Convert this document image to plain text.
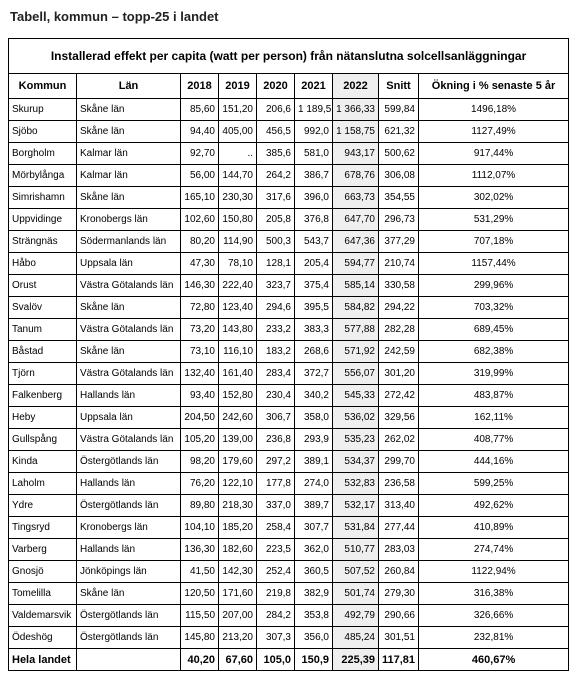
Tabell, kommun – topp-25 i landet
Installerad effekt per capita (watt per person) från nätanslutna solcellsanläggningar								
Kommun	Län	2018	2019	2020	2021	2022	Snitt	Ökning i % senaste 5 år
Skurup	Skåne län	85,60	151,20	206,6	1 189,5	1 366,33	599,84	1496,18%
Sjöbo	Skåne län	94,40	405,00	456,5	992,0	1 158,75	621,32	1127,49%
Borgholm	Kalmar län	92,70	..	385,6	581,0	943,17	500,62	917,44%
Mörbylånga	Kalmar län	56,00	144,70	264,2	386,7	678,76	306,08	1112,07%
Simrishamn	Skåne län	165,10	230,30	317,6	396,0	663,73	354,55	302,02%
Uppvidinge	Kronobergs län	102,60	150,80	205,8	376,8	647,70	296,73	531,29%
Strängnäs	Södermanlands län	80,20	114,90	500,3	543,7	647,36	377,29	707,18%
Håbo	Uppsala län	47,30	78,10	128,1	205,4	594,77	210,74	1157,44%
Orust	Västra Götalands län	146,30	222,40	323,7	375,4	585,14	330,58	299,96%
Svalöv	Skåne län	72,80	123,40	294,6	395,5	584,82	294,22	703,32%
Tanum	Västra Götalands län	73,20	143,80	233,2	383,3	577,88	282,28	689,45%
Båstad	Skåne län	73,10	116,10	183,2	268,6	571,92	242,59	682,38%
Tjörn	Västra Götalands län	132,40	161,40	283,4	372,7	556,07	301,20	319,99%
Falkenberg	Hallands län	93,40	152,80	230,4	340,2	545,33	272,42	483,87%
Heby	Uppsala län	204,50	242,60	306,7	358,0	536,02	329,56	162,11%
Gullspång	Västra Götalands län	105,20	139,00	236,8	293,9	535,23	262,02	408,77%
Kinda	Östergötlands län	98,20	179,60	297,2	389,1	534,37	299,70	444,16%
Laholm	Hallands län	76,20	122,10	177,8	274,0	532,83	236,58	599,25%
Ydre	Östergötlands län	89,80	218,30	337,0	389,7	532,17	313,40	492,62%
Tingsryd	Kronobergs län	104,10	185,20	258,4	307,7	531,84	277,44	410,89%
Varberg	Hallands län	136,30	182,60	223,5	362,0	510,77	283,03	274,74%
Gnosjö	Jönköpings län	41,50	142,30	252,4	360,5	507,52	260,84	1122,94%
Tomelilla	Skåne län	120,50	171,60	219,8	382,9	501,74	279,30	316,38%
Valdemarsvik	Östergötlands län	115,50	207,00	284,2	353,8	492,79	290,66	326,66%
Ödeshög	Östergötlands län	145,80	213,20	307,3	356,0	485,24	301,51	232,81%
Hela landet		40,20	67,60	105,0	150,9	225,39	117,81	460,67%
